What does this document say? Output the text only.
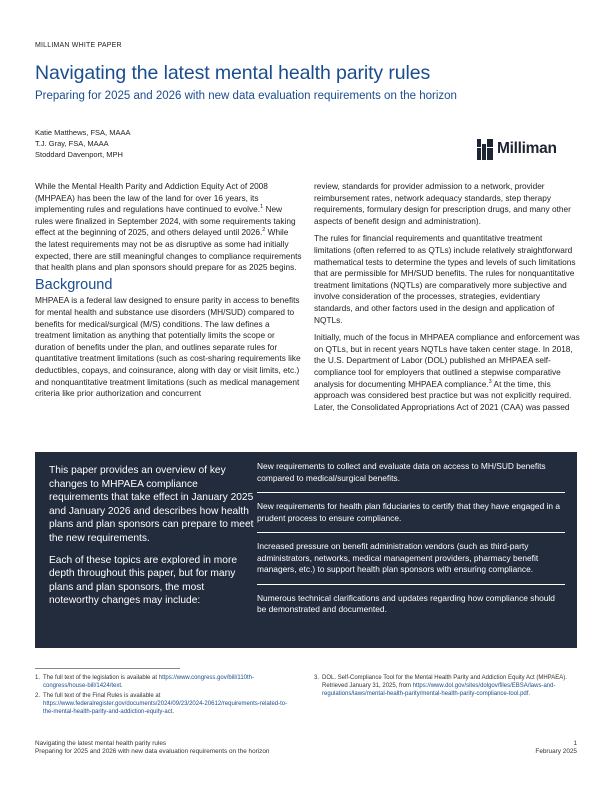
MILLIMAN WHITE PAPER
Navigating the latest mental health parity rules
Preparing for 2025 and 2026 with new data evaluation requirements on the horizon
Katie Matthews, FSA, MAAA
T.J. Gray, FSA, MAAA
Stoddard Davenport, MPH	Milliman

While the Mental Health Parity and Addiction Equity Act of 2008 (MHPAEA) has been the law of the land for over 16 years, its implementing rules and regulations have continued to evolve.$^1$ New rules were finalized in September 2024, with some requirements taking effect at the beginning of 2025, and others delayed until 2026.$^2$ While the latest requirements may not be as disruptive as some had initially expected, there are still meaningful changes to compliance requirements that health plans and plan sponsors should prepare for as 2025 begins.

Background

MHPAEA is a federal law designed to ensure parity in access to benefits for mental health and substance use disorders (MH/SUD) compared to benefits for medical/surgical (M/S) conditions. The law defines a treatment limitation as anything that potentially limits the scope or duration of benefits under the plan, and outlines separate rules for quantitative treatment limitations (such as cost-sharing requirements like deductibles, copays, and coinsurance, along with day or visit limits, etc.) and nonquantitative treatment limitations (such as medical management criteria like prior authorization and concurrent

review, standards for provider admission to a network, provider reimbursement rates, network adequacy standards, step therapy requirements, formulary design for prescription drugs, and many other aspects of benefit design and administration).

The rules for financial requirements and quantitative treatment limitations (often referred to as QTLs) include relatively straightforward mathematical tests to determine the types and levels of such limitations that are permissible for MH/SUD benefits. The rules for nonquantitative treatment limitations (NQTLs) are comparatively more subjective and involve consideration of the processes, strategies, evidentiary standards, and other factors used in the design and application of NQTLs.

Initially, much of the focus in MHPAEA compliance and enforcement was on QTLs, but in recent years NQTLs have taken center stage. In 2018, the U.S. Department of Labor (DOL) published an MHPAEA self-compliance tool for employers that outlined a stepwise comparative analysis for documenting MHPAEA compliance.$^3$ At the time, this approach was considered best practice but was not explicitly required. Later, the Consolidated Appropriations Act of 2021 (CAA) was passed

This paper provides an overview of key changes to MHPAEA compliance requirements that take effect in January 2025 and January 2026 and describes how health plans and plan sponsors can prepare to meet the new requirements.

Each of these topics are explored in more depth throughout this paper, but for many plans and plan sponsors, the most noteworthy changes may include:

New requirements to collect and evaluate data on access to MH/SUD benefits compared to medical/surgical benefits.
New requirements for health plan fiduciaries to certify that they have engaged in a prudent process to ensure compliance.
Increased pressure on benefit administration vendors (such as third-party administrators, networks, medical management providers, pharmacy benefit managers, etc.) to support health plan sponsors with ensuring compliance.
Numerous technical clarifications and updates regarding how compliance should be demonstrated and documented.
1. The full text of the legislation is available at https://www.congress.gov/bill/110th-congress/house-bill/1424/text.
2. The full text of the Final Rules is available at https://www.federalregister.gov/documents/2024/09/23/2024-20612/requirements-related-to-the-mental-health-parity-and-addiction-equity-act.
3. DOL. Self-Compliance Tool for the Mental Health Parity and Addiction Equity Act (MHPAEA). Retrieved January 31, 2025, from https://www.dol.gov/sites/dolgov/files/EBSA/laws-and-regulations/laws/mental-health-parity/mental-health-parity-compliance-tool.pdf.
Navigating the latest mental health parity rules
Preparing for 2025 and 2026 with new data evaluation requirements on the horizon
1
February 2025
